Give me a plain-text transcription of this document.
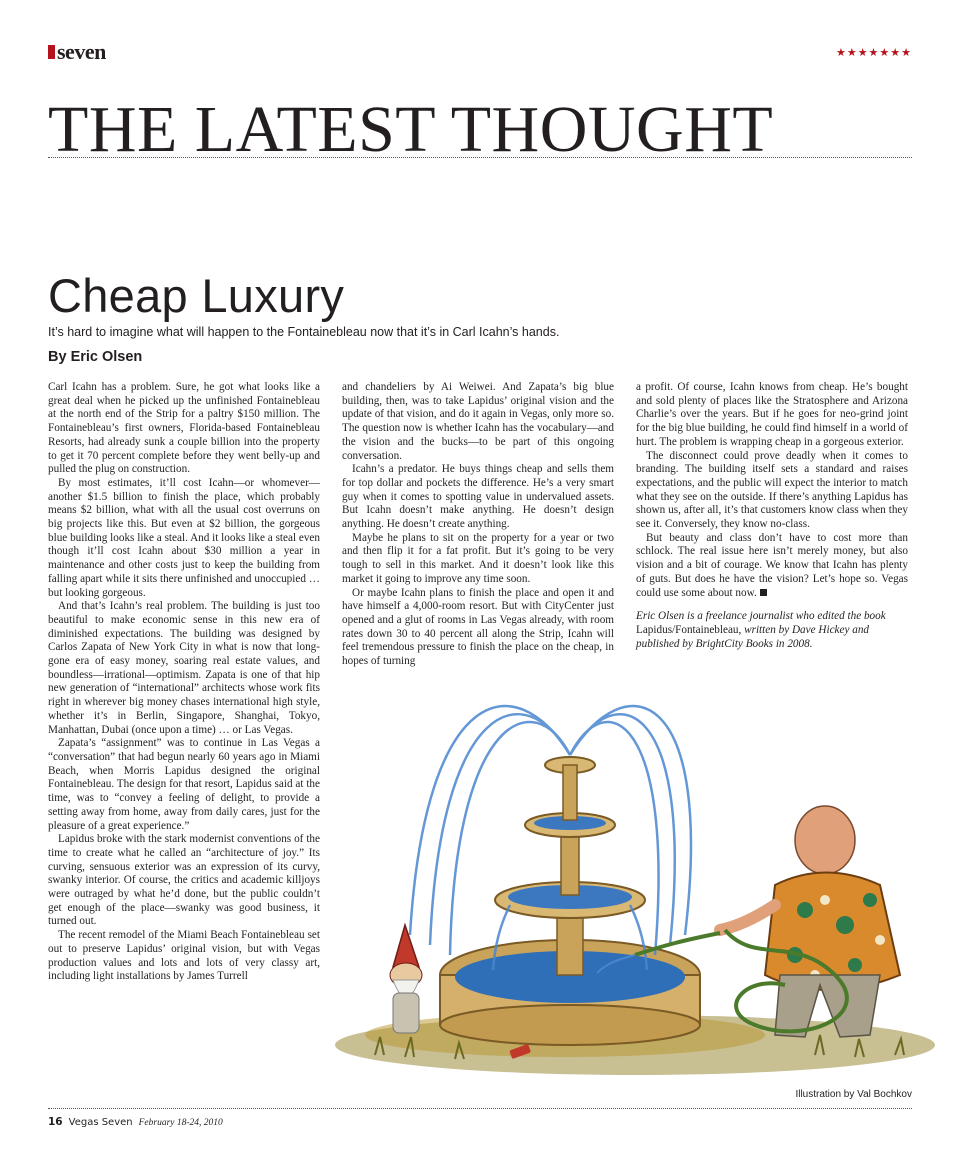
seven	★★★★★★★
THE LATEST THOUGHT
Cheap Luxury
It’s hard to imagine what will happen to the Fontainebleau now that it’s in Carl Icahn’s hands.
By Eric Olsen

Carl Icahn has a problem. Sure, he got what looks like a great deal when he picked up the unfinished Fontainebleau at the north end of the Strip for a paltry $150 million. The Fontainebleau’s first owners, Florida-based Fontainebleau Resorts, had already sunk a couple billion into the property to get it 70 percent complete before they went belly-up and pulled the plug on construction.

By most estimates, it’ll cost Icahn—or whomever—another $1.5 billion to finish the place, which probably means $2 billion, what with all the usual cost overruns on big projects like this. But even at $2 billion, the gorgeous blue building looks like a steal. And it looks like a steal even though it’ll cost Icahn about $30 million a year in maintenance and other costs just to keep the building from falling apart while it sits there unfinished and unoccupied … but looking gorgeous.

And that’s Icahn’s real problem. The building is just too beautiful to make economic sense in this new era of diminished expectations. The building was designed by Carlos Zapata of New York City in what is now that long-gone era of easy money, soaring real estate values, and boundless—irrational—optimism. Zapata is one of that hip new generation of “international” architects whose work fits right in wherever big money chases international high style, whether it’s in Berlin, Singapore, Shanghai, Tokyo, Manhattan, Dubai (once upon a time) … or Las Vegas.

Zapata’s “assignment” was to continue in Las Vegas a “conversation” that had begun nearly 60 years ago in Miami Beach, when Morris Lapidus designed the original Fontainebleau. The design for that resort, Lapidus said at the time, was to “convey a feeling of delight, to provide a setting away from home, away from daily cares, just for the pleasure of a great experience.”

Lapidus broke with the stark modernist conventions of the time to create what he called an “architecture of joy.” Its curving, sensuous exterior was an expression of its curvy, swanky interior. Of course, the critics and academic killjoys were outraged by what he’d done, but the public couldn’t get enough of the place—swanky was good business, it turned out.

The recent remodel of the Miami Beach Fontainebleau set out to preserve Lapidus’ original vision, but with Vegas production values and lots and lots of very classy art, including light installations by James Turrell

and chandeliers by Ai Weiwei. And Zapata’s big blue building, then, was to take Lapidus’ original vision and the update of that vision, and do it again in Vegas, only more so. The question now is whether Icahn has the vocabulary—and the vision and the bucks—to be part of this ongoing conversation.

Icahn’s a predator. He buys things cheap and sells them for top dollar and pockets the difference. He’s a very smart guy when it comes to spotting value in undervalued assets. But Icahn doesn’t make anything. He doesn’t design anything. He doesn’t create anything.

Maybe he plans to sit on the property for a year or two and then flip it for a fat profit. But it’s going to be very tough to sell in this market. And it doesn’t look like this market it going to improve any time soon.

Or maybe Icahn plans to finish the place and open it and have himself a 4,000-room resort. But with CityCenter just opened and a glut of rooms in Las Vegas already, with room rates down 30 to 40 percent all along the Strip, Icahn will feel tremendous pressure to finish the place on the cheap, in hopes of turning

a profit. Of course, Icahn knows from cheap. He’s bought and sold plenty of places like the Stratosphere and Arizona Charlie’s over the years. But if he goes for neo-grind joint for the big blue building, he could find himself in a world of hurt. The problem is wrapping cheap in a gorgeous exterior.

The disconnect could prove deadly when it comes to branding. The building itself sets a standard and raises expectations, and the public will expect the interior to match what they see on the outside. If there’s anything Lapidus has shown us, after all, it’s that customers know class when they see it. Conversely, they know no-class.

But beauty and class don’t have to cost more than schlock. The real issue here isn’t merely money, but also vision and a bit of courage. We know that Icahn has plenty of guts. But does he have the vision? Let’s hope so. Vegas could use some about now.

Eric Olsen is a freelance journalist who edited the book Lapidus/Fontainebleau, written by Dave Hickey and published by BrightCity Books in 2008.

Illustration by Val Bochkov
16 Vegas Seven February 18-24, 2010
